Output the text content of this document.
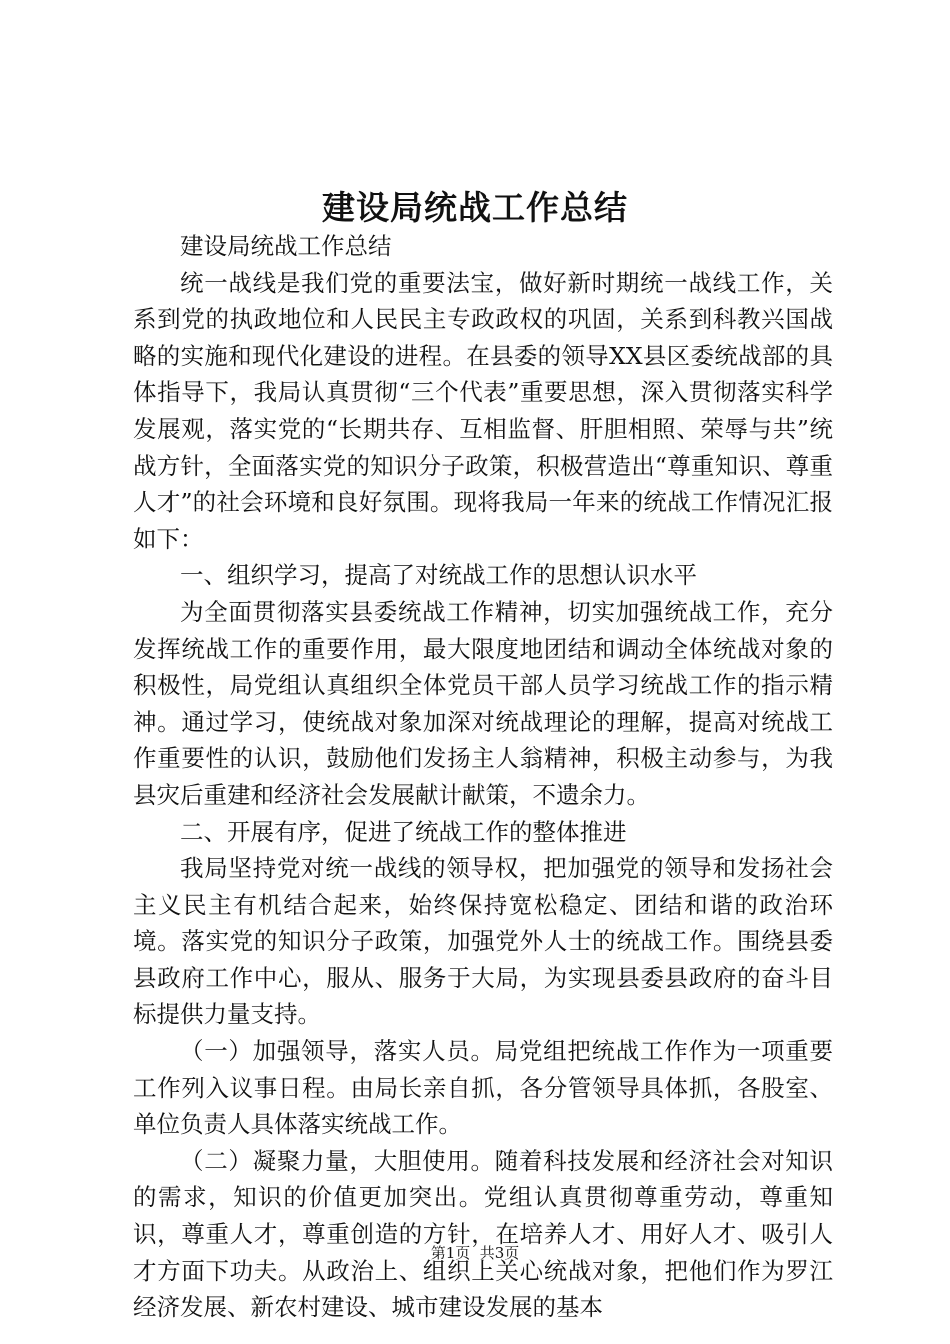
建设局统战工作总结

建设局统战工作总结

统一战线是我们党的重要法宝，做好新时期统一战线工作，关系到党的执政地位和人民民主专政政权的巩固，关系到科教兴国战略的实施和现代化建设的进程。在县委的领导XX县区委统战部的具体指导下，我局认真贯彻“三个代表”重要思想，深入贯彻落实科学发展观，落实党的“长期共存、互相监督、肝胆相照、荣辱与共”统战方针，全面落实党的知识分子政策，积极营造出“尊重知识、尊重人才”的社会环境和良好氛围。现将我局一年来的统战工作情况汇报如下：

一、组织学习，提高了对统战工作的思想认识水平

为全面贯彻落实县委统战工作精神，切实加强统战工作，充分发挥统战工作的重要作用，最大限度地团结和调动全体统战对象的积极性，局党组认真组织全体党员干部人员学习统战工作的指示精神。通过学习，使统战对象加深对统战理论的理解，提高对统战工作重要性的认识，鼓励他们发扬主人翁精神，积极主动参与，为我县灾后重建和经济社会发展献计献策，不遗余力。

二、开展有序，促进了统战工作的整体推进

我局坚持党对统一战线的领导权，把加强党的领导和发扬社会主义民主有机结合起来，始终保持宽松稳定、团结和谐的政治环境。落实党的知识分子政策，加强党外人士的统战工作。围绕县委县政府工作中心，服从、服务于大局，为实现县委县政府的奋斗目标提供力量支持。

（一）加强领导，落实人员。局党组把统战工作作为一项重要工作列入议事日程。由局长亲自抓，各分管领导具体抓，各股室、单位负责人具体落实统战工作。

（二）凝聚力量，大胆使用。随着科技发展和经济社会对知识的需求，知识的价值更加突出。党组认真贯彻尊重劳动，尊重知识，尊重人才，尊重创造的方针，在培养人才、用好人才、吸引人才方面下功夫。从政治上、组织上关心统战对象，把他们作为罗江经济发展、新农村建设、城市建设发展的基本

第1页  共3页
